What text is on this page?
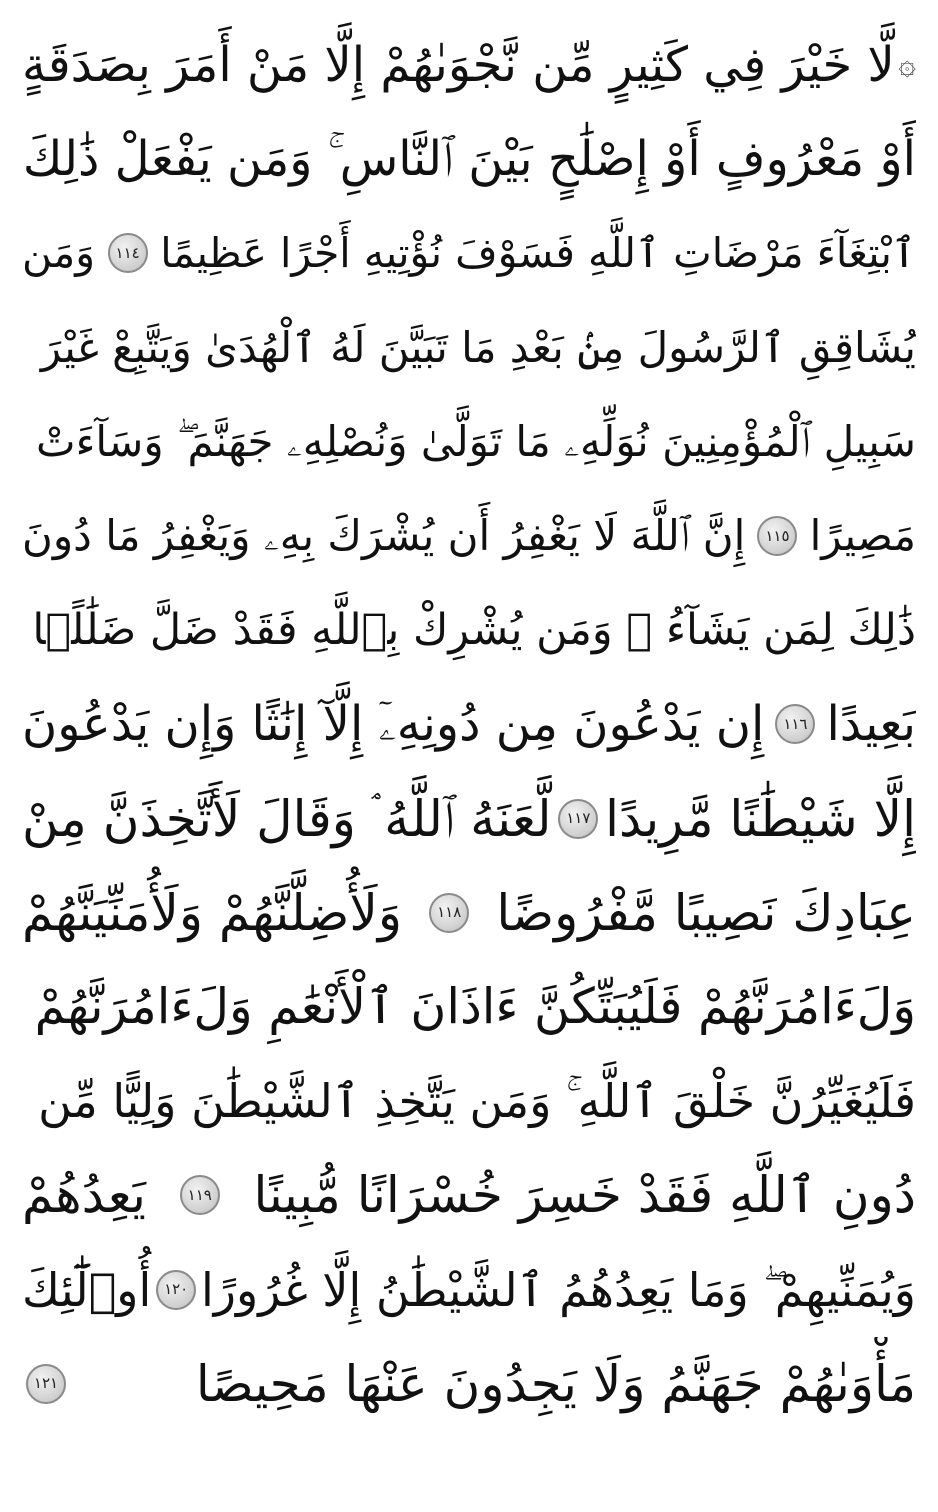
۞
لَّا خَيْرَ فِي كَثِيرٍ مِّن نَّجْوَىٰهُمْ إِلَّا مَنْ أَمَرَ بِصَدَقَةٍ
أَوْ مَعْرُوفٍ أَوْ إِصْلَٰحٍ بَيْنَ ٱلنَّاسِ ۚ وَمَن يَفْعَلْ ذَٰلِكَ
ٱبْتِغَآءَ مَرْضَاتِ ٱللَّهِ فَسَوْفَ نُؤْتِيهِ أَجْرًا عَظِيمًا
١١٤
وَمَن
يُشَاقِقِ ٱلرَّسُولَ مِنۢ بَعْدِ مَا تَبَيَّنَ لَهُ ٱلْهُدَىٰ وَيَتَّبِعْ غَيْرَ
سَبِيلِ ٱلْمُؤْمِنِينَ نُوَلِّهِۦ مَا تَوَلَّىٰ وَنُصْلِهِۦ جَهَنَّمَ ۖ وَسَآءَتْ
مَصِيرًا
١١٥
إِنَّ ٱللَّهَ لَا يَغْفِرُ أَن يُشْرَكَ بِهِۦ وَيَغْفِرُ مَا دُونَ
ذَٰلِكَ لِمَن يَشَآءُ ۚ وَمَن يُشْرِكْ بِٱللَّهِ فَقَدْ ضَلَّ ضَلَٰلًۢا
بَعِيدًا
١١٦
إِن يَدْعُونَ مِن دُونِهِۦٓ إِلَّآ إِنَٰثًا وَإِن يَدْعُونَ
إِلَّا شَيْطَٰنًا مَّرِيدًا
١١٧
لَّعَنَهُ ٱللَّهُ ۘ وَقَالَ لَأَتَّخِذَنَّ مِنْ
عِبَادِكَ نَصِيبًا مَّفْرُوضًا
١١٨
وَلَأُضِلَّنَّهُمْ وَلَأُمَنِّيَنَّهُمْ
وَلَءَامُرَنَّهُمْ فَلَيُبَتِّكُنَّ ءَاذَانَ ٱلْأَنْعَٰمِ وَلَءَامُرَنَّهُمْ
فَلَيُغَيِّرُنَّ خَلْقَ ٱللَّهِ ۚ وَمَن يَتَّخِذِ ٱلشَّيْطَٰنَ وَلِيًّا مِّن
دُونِ ٱللَّهِ فَقَدْ خَسِرَ خُسْرَانًا مُّبِينًا
١١٩
يَعِدُهُمْ
وَيُمَنِّيهِمْ ۖ وَمَا يَعِدُهُمُ ٱلشَّيْطَٰنُ إِلَّا غُرُورًا
١٢٠
أُو۟لَٰٓئِكَ
مَأْوَىٰهُمْ جَهَنَّمُ وَلَا يَجِدُونَ عَنْهَا مَحِيصًا
١٢١
